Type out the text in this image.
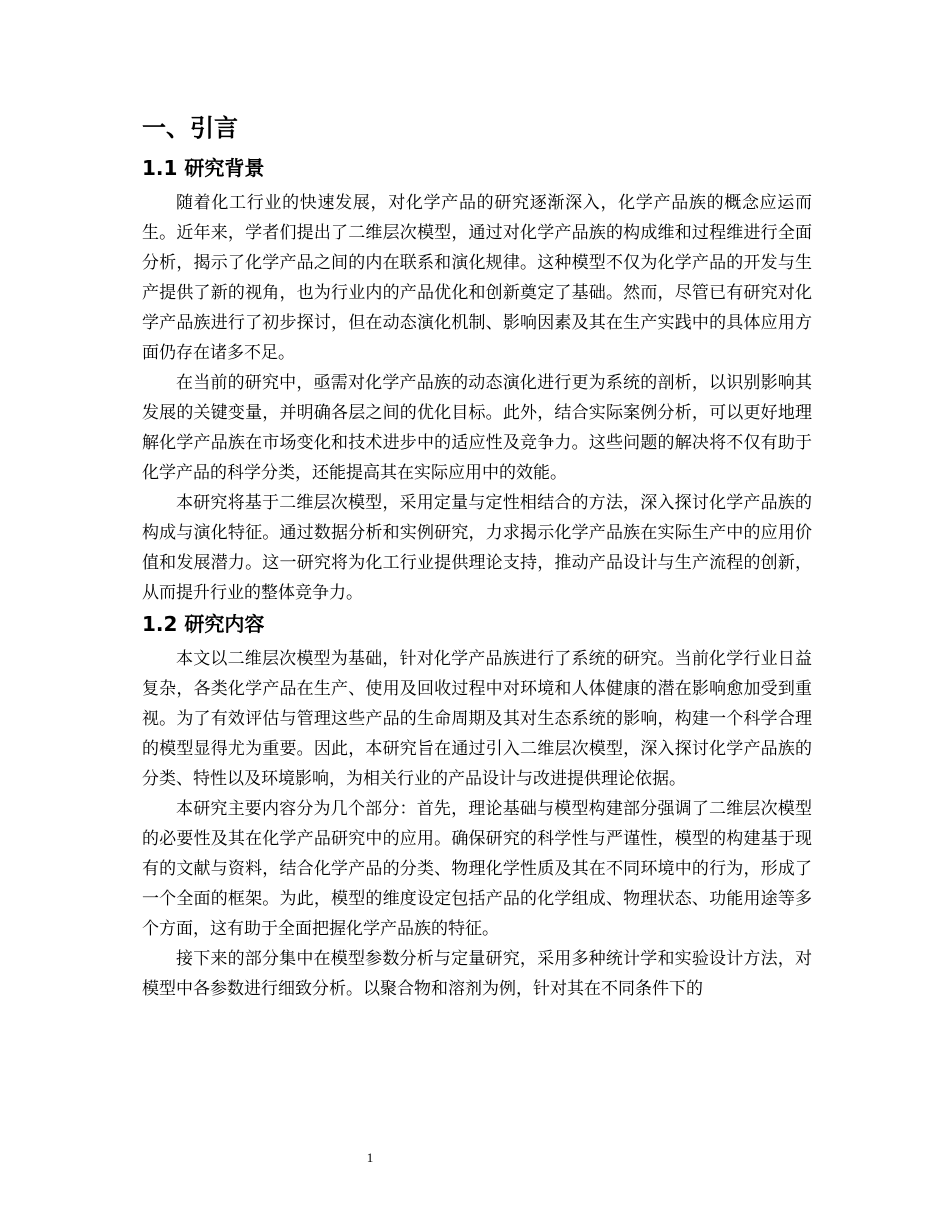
一、引言
1.1 研究背景

随着化工行业的快速发展，对化学产品的研究逐渐深入，化学产品族的概念应运而生。近年来，学者们提出了二维层次模型，通过对化学产品族的构成维和过程维进行全面分析，揭示了化学产品之间的内在联系和演化规律。这种模型不仅为化学产品的开发与生产提供了新的视角，也为行业内的产品优化和创新奠定了基础。然而，尽管已有研究对化学产品族进行了初步探讨，但在动态演化机制、影响因素及其在生产实践中的具体应用方面仍存在诸多不足。

在当前的研究中，亟需对化学产品族的动态演化进行更为系统的剖析，以识别影响其发展的关键变量，并明确各层之间的优化目标。此外，结合实际案例分析，可以更好地理解化学产品族在市场变化和技术进步中的适应性及竞争力。这些问题的解决将不仅有助于化学产品的科学分类，还能提高其在实际应用中的效能。

本研究将基于二维层次模型，采用定量与定性相结合的方法，深入探讨化学产品族的构成与演化特征。通过数据分析和实例研究，力求揭示化学产品族在实际生产中的应用价值和发展潜力。这一研究将为化工行业提供理论支持，推动产品设计与生产流程的创新，从而提升行业的整体竞争力。

1.2 研究内容

本文以二维层次模型为基础，针对化学产品族进行了系统的研究。当前化学行业日益复杂，各类化学产品在生产、使用及回收过程中对环境和人体健康的潜在影响愈加受到重视。为了有效评估与管理这些产品的生命周期及其对生态系统的影响，构建一个科学合理的模型显得尤为重要。因此，本研究旨在通过引入二维层次模型，深入探讨化学产品族的分类、特性以及环境影响，为相关行业的产品设计与改进提供理论依据。

本研究主要内容分为几个部分：首先，理论基础与模型构建部分强调了二维层次模型的必要性及其在化学产品研究中的应用。确保研究的科学性与严谨性，模型的构建基于现有的文献与资料，结合化学产品的分类、物理化学性质及其在不同环境中的行为，形成了一个全面的框架。为此，模型的维度设定包括产品的化学组成、物理状态、功能用途等多个方面，这有助于全面把握化学产品族的特征。

接下来的部分集中在模型参数分析与定量研究，采用多种统计学和实验设计方法，对模型中各参数进行细致分析。以聚合物和溶剂为例，针对其在不同条件下的

1
